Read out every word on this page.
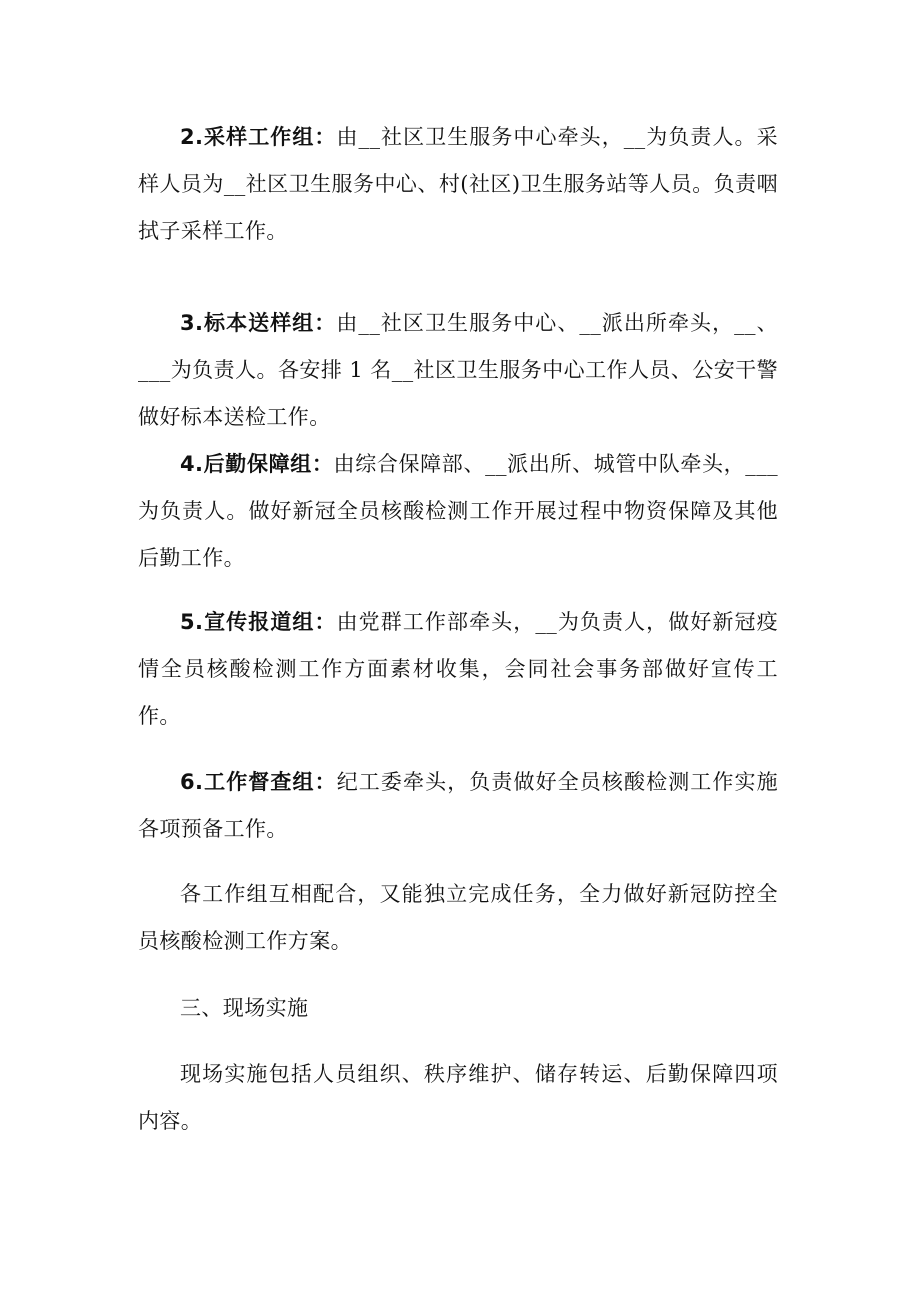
2.采样工作组：由__社区卫生服务中心牵头，__为负责人。采样人员为__社区卫生服务中心、村(社区)卫生服务站等人员。负责咽拭子采样工作。

3.标本送样组：由__社区卫生服务中心、__派出所牵头，__、___为负责人。各安排 1 名__社区卫生服务中心工作人员、公安干警做好标本送检工作。

4.后勤保障组：由综合保障部、__派出所、城管中队牵头，___为负责人。做好新冠全员核酸检测工作开展过程中物资保障及其他后勤工作。

5.宣传报道组：由党群工作部牵头，__为负责人，做好新冠疫情全员核酸检测工作方面素材收集，会同社会事务部做好宣传工作。

6.工作督查组：纪工委牵头，负责做好全员核酸检测工作实施各项预备工作。

各工作组互相配合，又能独立完成任务，全力做好新冠防控全员核酸检测工作方案。

三、现场实施

现场实施包括人员组织、秩序维护、储存转运、后勤保障四项内容。
